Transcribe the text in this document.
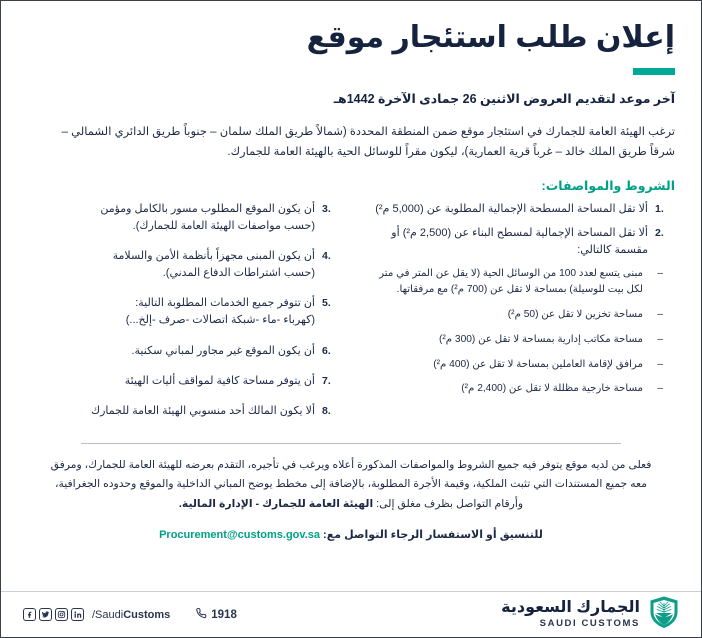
إعلان طلب استئجار موقع
آخر موعد لتقديم العروض الاثنين 26 جمادى الآخرة 1442هـ
ترغب الهيئة العامة للجمارك في استئجار موقع ضمن المنطقة المحددة (شمالاً طريق الملك سلمان – جنوباً طريق الدائري الشمالي –
شرقاً طريق الملك خالد – غرباً قرية العمارية)، ليكون مقراً للوسائل الحية بالهيئة العامة للجمارك.
الشروط والمواصفات:
1.
ألا تقل المساحة المسطحة الإجمالية المطلوبة عن (5,000 م²)
2.
ألا تقل المساحة الإجمالية لمسطح البناء عن (2,500 م²) أو
مقسمة كالتالي:
–
مبنى يتسع لعدد 100 من الوسائل الحية (لا يقل عن المتر في متر لكل بيت للوسيلة) بمساحة لا تقل عن (700 م²) مع مرفقاتها.
–
مساحة تخزين لا تقل عن (50 م²)
–
مساحة مكاتب إدارية بمساحة لا تقل عن (300 م²)
–
مرافق لإقامة العاملين بمساحة لا تقل عن (400 م²)
–
مساحة خارجية مظللة لا تقل عن (2,400 م²)
3.
أن يكون الموقع المطلوب مسور بالكامل ومؤمن
(حسب مواصفات الهيئة العامة للجمارك).
4.
أن يكون المبنى مجهزاً بأنظمة الأمن والسلامة
(حسب اشتراطات الدفاع المدني).
5.
أن تتوفر جميع الخدمات المطلوبة التالية:
(كهرباء -ماء -شبكة اتصالات -صرف -إلخ...)
6.
أن يكون الموقع غير مجاور لمباني سكنية.
7.
أن يتوفر مساحة كافية لمواقف أليات الهيئة
8.
ألا يكون المالك أحد منسوبي الهيئة العامة للجمارك
فعلى من لديه موقع يتوفر فيه جميع الشروط والمواصفات المذكورة أعلاه ويرغب في تأجيره، التقدم بعرضه للهيئة العامة للجمارك، ومرفق
معه جميع المستندات التي تثبت الملكية، وقيمة الأجرة المطلوبة، بالإضافة إلى مخطط يوضح المباني الداخلية والموقع وحدوده الجغرافية،
وأرقام التواصل بظرف مغلق إلى: الهيئة العامة للجمارك - الإدارة المالية.
للتنسيق أو الاستفسار الرجاء التواصل مع: Procurement@customs.gov.sa
/SaudiCustoms	1918	الجمارك السعودية
SAUDI CUSTOMS
